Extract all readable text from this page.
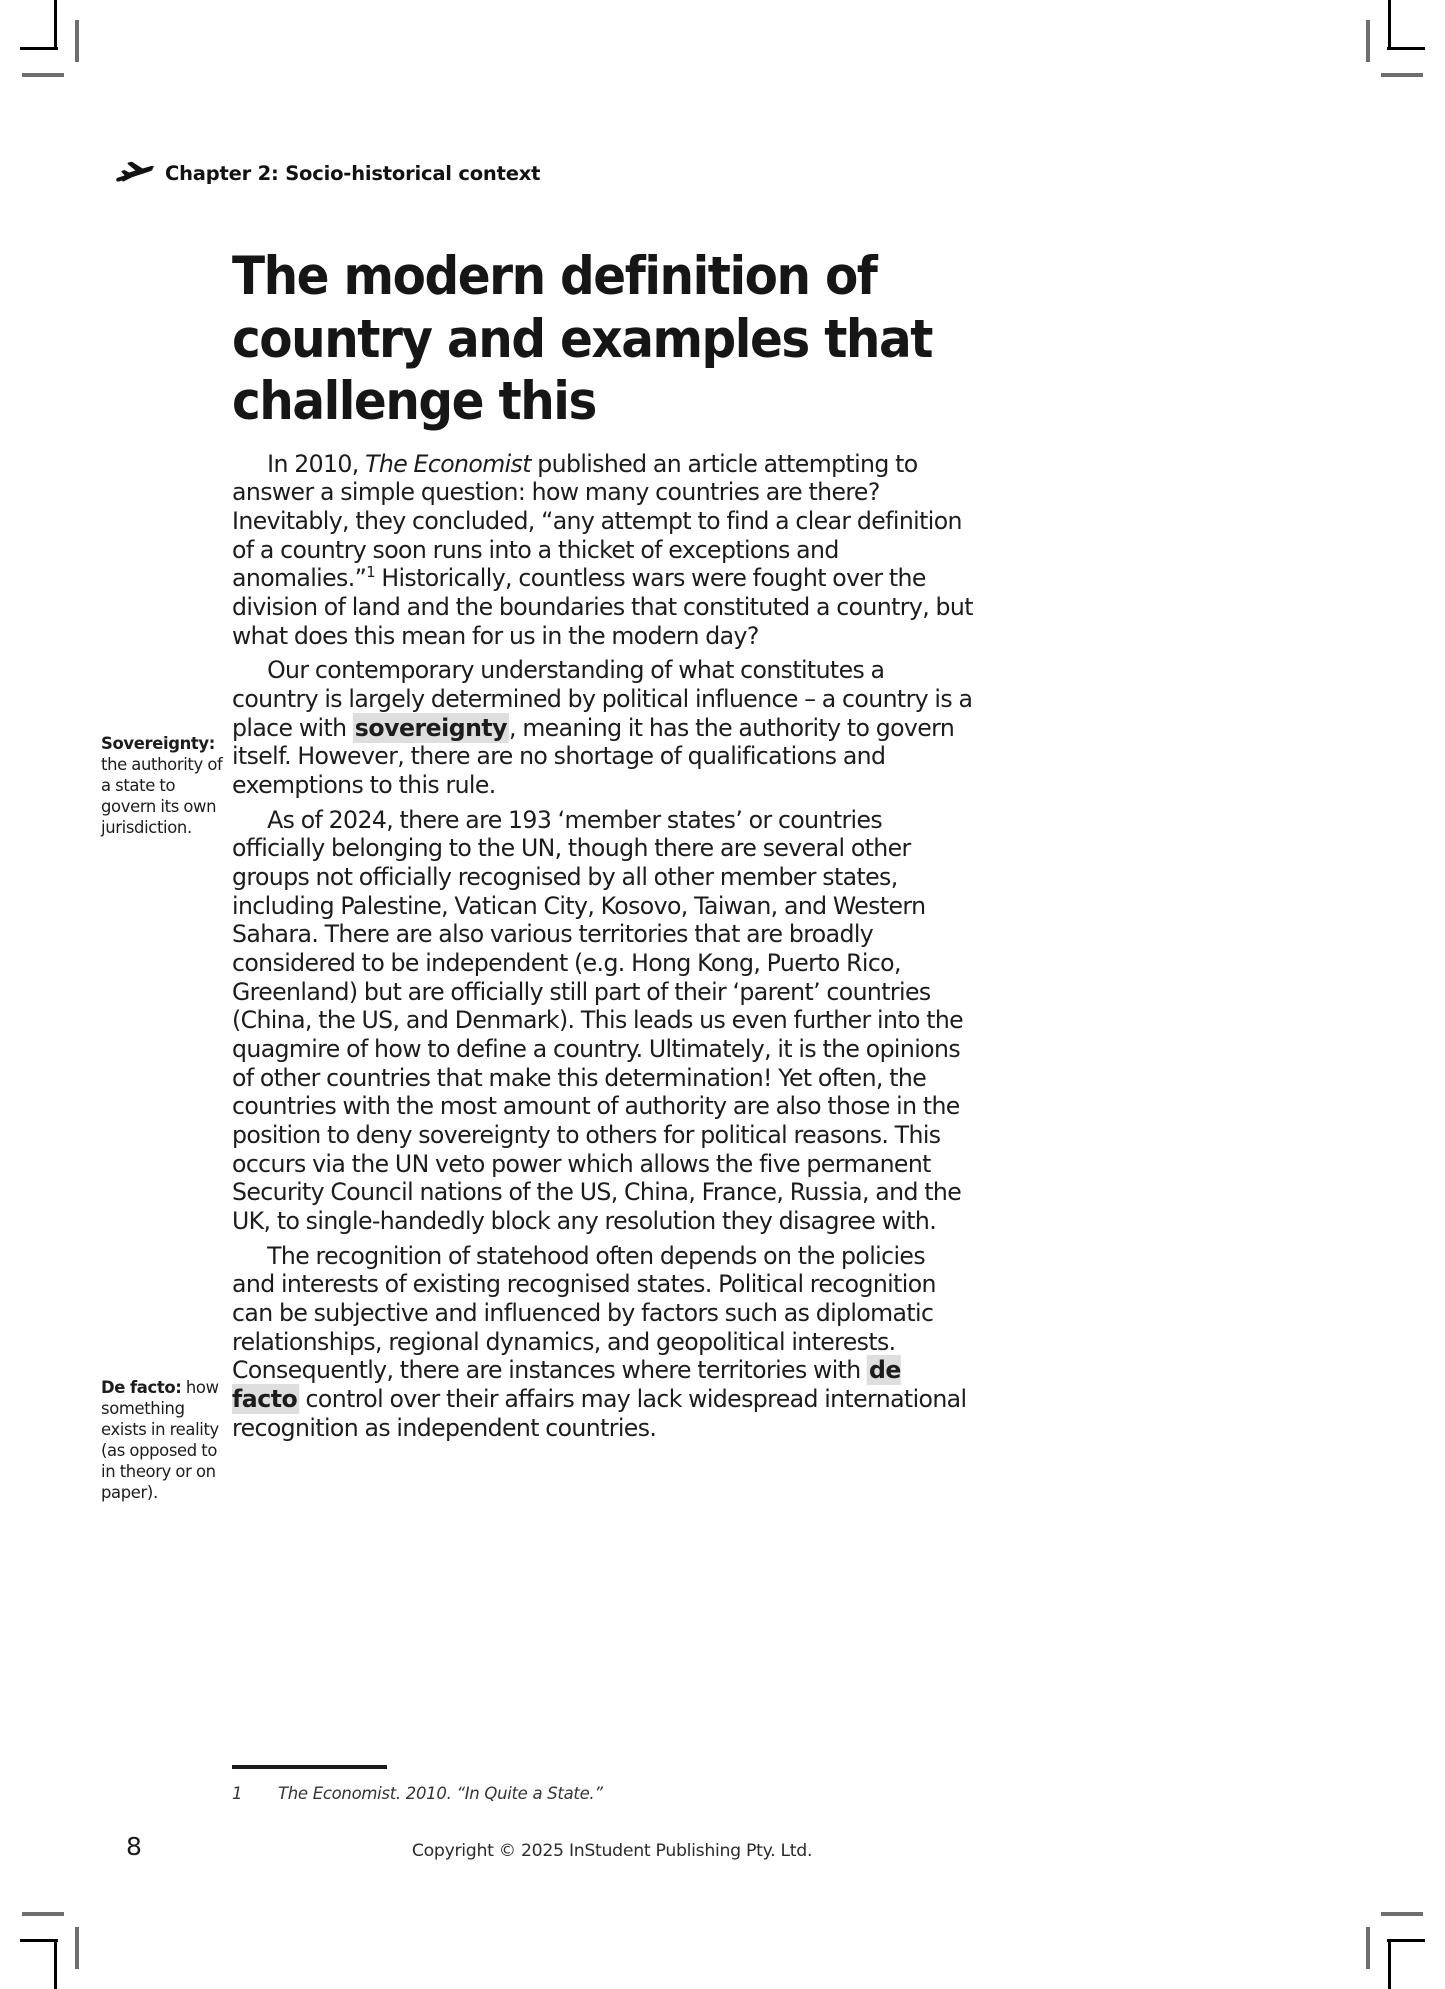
Chapter 2: Socio-historical context
Sovereignty: the authority of a state to govern its own jurisdiction.
De facto: how something exists in reality (as opposed to in theory or on paper).
The modern definition of country and examples that challenge this

In 2010, The Economist published an article attempting to answer a simple question: how many countries are there? Inevitably, they concluded, “any attempt to find a clear definition of a country soon runs into a thicket of exceptions and anomalies.”$^1$ Historically, countless wars were fought over the division of land and the boundaries that constituted a country, but what does this mean for us in the modern day?

Our contemporary understanding of what constitutes a country is largely determined by political influence – a country is a place with sovereignty, meaning it has the authority to govern itself. However, there are no shortage of qualifications and exemptions to this rule.

As of 2024, there are 193 ‘member states’ or countries officially belonging to the UN, though there are several other groups not officially recognised by all other member states, including Palestine, Vatican City, Kosovo, Taiwan, and Western Sahara. There are also various territories that are broadly considered to be independent (e.g. Hong Kong, Puerto Rico, Greenland) but are officially still part of their ‘parent’ countries (China, the US, and Denmark). This leads us even further into the quagmire of how to define a country. Ultimately, it is the opinions of other countries that make this determination! Yet often, the countries with the most amount of authority are also those in the position to deny sovereignty to others for political reasons. This occurs via the UN veto power which allows the five permanent Security Council nations of the US, China, France, Russia, and the UK, to single-handedly block any resolution they disagree with.

The recognition of statehood often depends on the policies and interests of existing recognised states. Political recognition can be subjective and influenced by factors such as diplomatic relationships, regional dynamics, and geopolitical interests. Consequently, there are instances where territories with de facto control over their affairs may lack widespread international recognition as independent countries.

1	The Economist. 2010. “In Quite a State.”
8	Copyright © 2025 InStudent Publishing Pty. Ltd.
